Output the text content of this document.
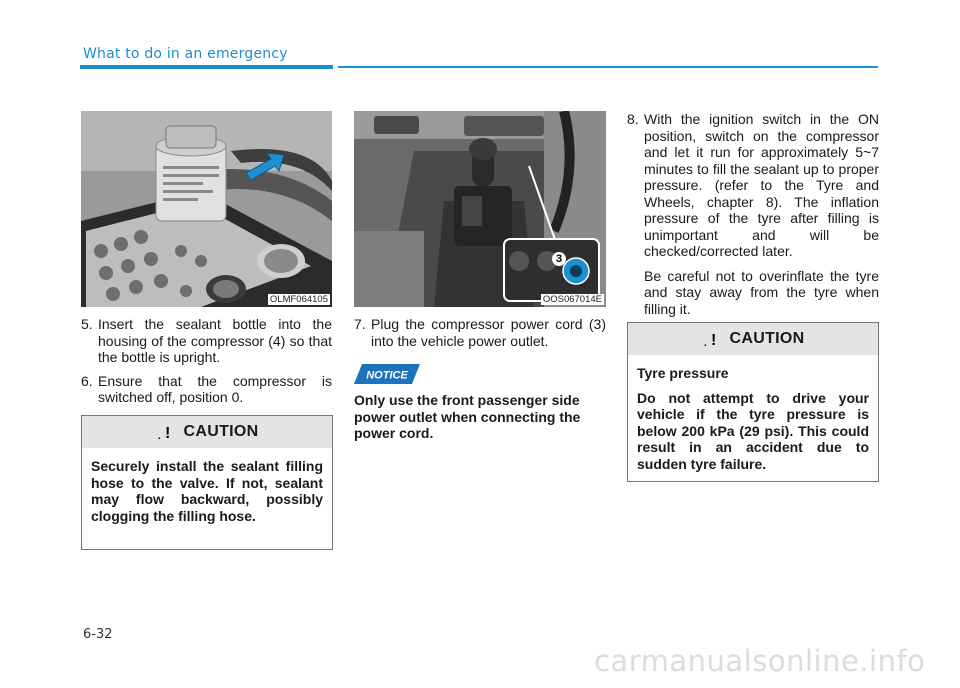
What to do in an emergency
OLMF064105
3
OOS067014E
5. Insert the sealant bottle into the housing of the compressor (4) so that the bottle is upright.
6. Ensure that the compressor is switched off, position 0.
. ! CAUTION
Securely install the sealant filling hose to the valve. If not, sealant may flow backward, possibly clogging the filling hose.
7. Plug the compressor power cord (3) into the vehicle power outlet.
NOTICE
Only use the front passenger side power outlet when connecting the power cord.
8. With the ignition switch in the ON position, switch on the compressor and let it run for approximately 5~7 minutes to fill the sealant up to proper pressure. (refer to the Tyre and Wheels, chapter 8). The inflation pressure of the tyre after filling is unimportant and will be checked/corrected later.
Be careful not to overinflate the tyre and stay away from the tyre when filling it.
. ! CAUTION
Tyre pressure
Do not attempt to drive your vehicle if the tyre pressure is below 200 kPa (29 psi). This could result in an accident due to sudden tyre failure.
6-32
carmanualsonline.info
